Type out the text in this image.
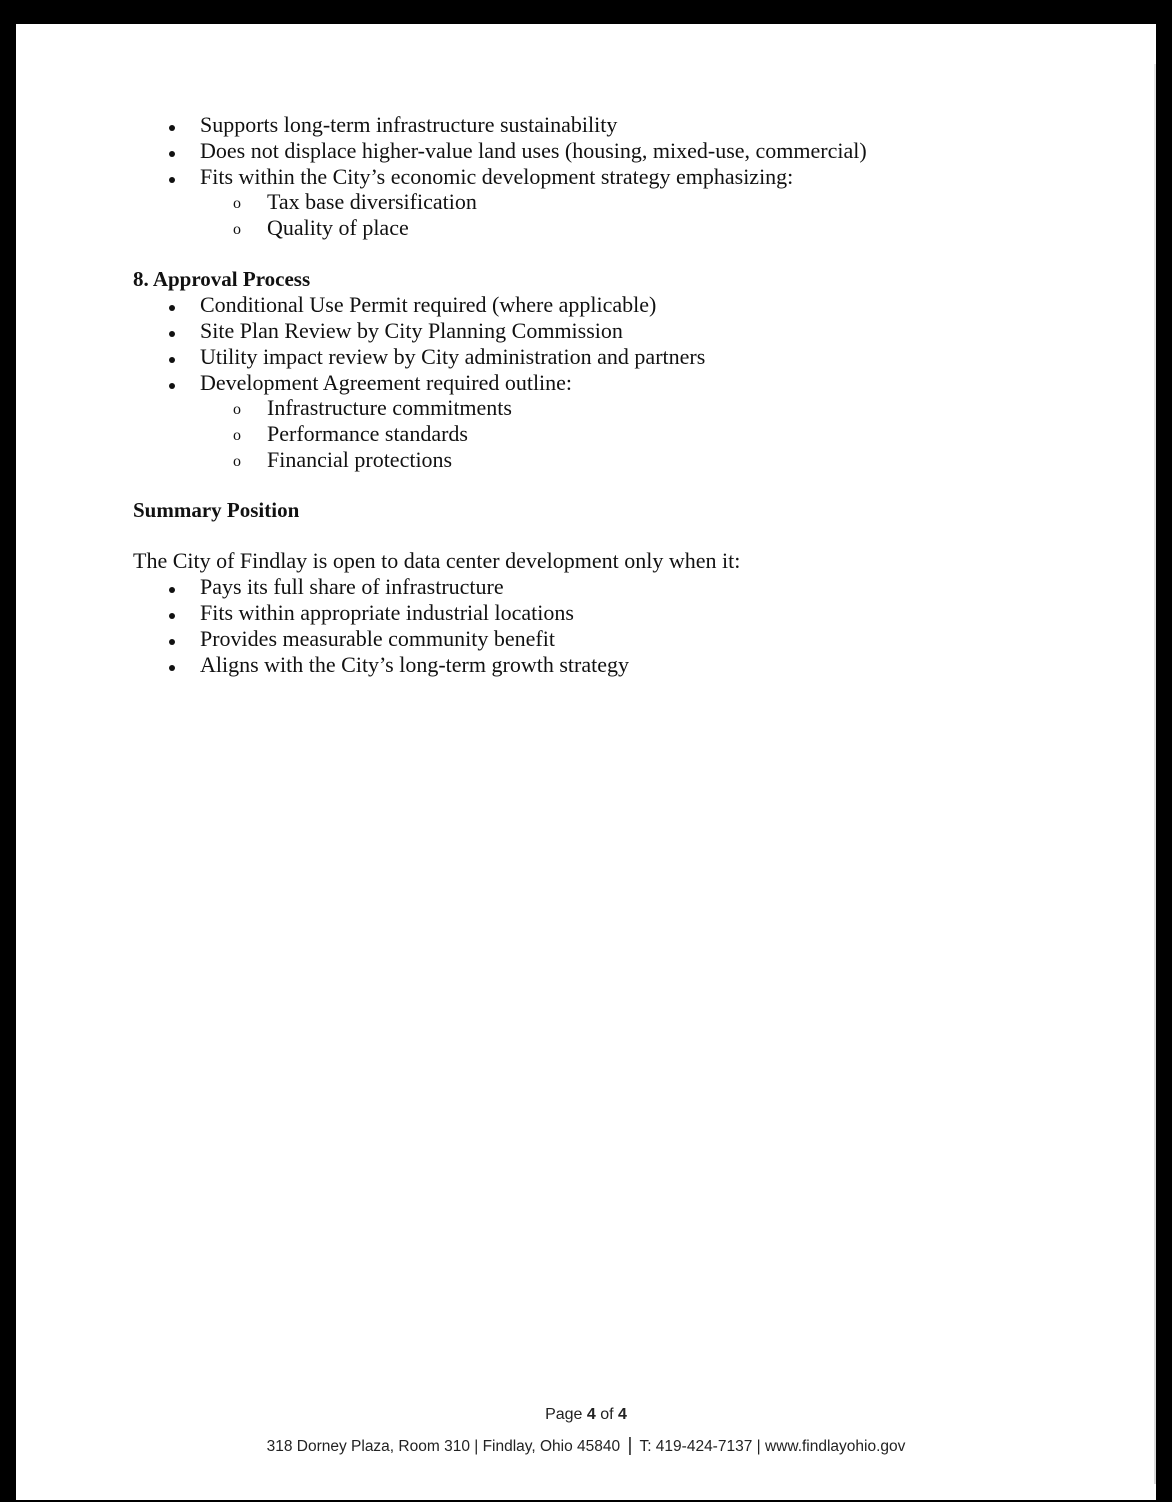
Supports long-term infrastructure sustainability
Does not displace higher-value land uses (housing, mixed-use, commercial)
Fits within the City’s economic development strategy emphasizing:
o Tax base diversification
o Quality of place
8. Approval Process
Conditional Use Permit required (where applicable)
Site Plan Review by City Planning Commission
Utility impact review by City administration and partners
Development Agreement required outline:
o Infrastructure commitments
o Performance standards
o Financial protections
Summary Position
The City of Findlay is open to data center development only when it:
Pays its full share of infrastructure
Fits within appropriate industrial locations
Provides measurable community benefit
Aligns with the City’s long-term growth strategy
Page 4 of 4
318 Dorney Plaza, Room 310 | Findlay, Ohio 45840 | T: 419-424-7137 | www.findlayohio.gov
